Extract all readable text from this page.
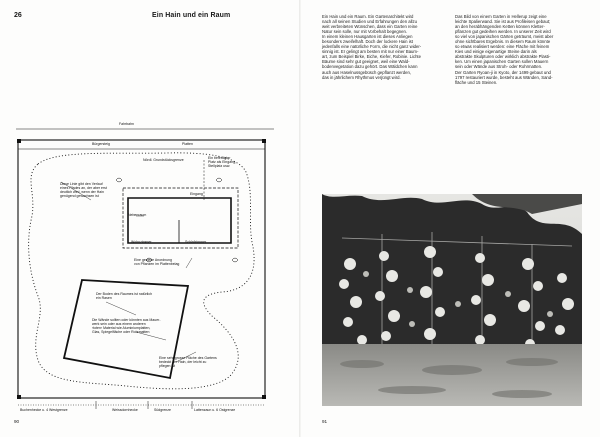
26	Ein Hain und ein Raum
Fahrbahn
Bürgersteig	Platten
Nördl. Grundstücksgrenze	Ein befestigter
Platz als Eingang,
Stellplatz usw.
Eingang
Diese Linie gibt den Verlauf
eines Pfades an, der aber erst
deutlich wird, wenn der Hain
genügend gewachsen ist
Nebenraum
Wohnzimmer	Schlafzimmer
Eine gezielte Anordnung
von Pflanzen im Plattenbelag
Der Boden des Raumes ist natürlich
ein Rasen
Die Wände sollten oder könnten aus Mauer-
werk sein oder aus einem anderen
›toten‹ Material wie Aluminiumplatten,
Glas, Spiegelfläche oder Rohrmatten
Eine sehr grosse Fläche des Gartens
bedeckt der Hain, der leicht zu
pflegen ist
Buchenhecke u. 4 Westgrenze	Weissdornhecke	Südgrenze	Lattenzaun u. 6 Ostgrenze
90
Ein Hain und ein Raum. Ein Gartenarchitekt wird
nach all seinen Studien und Erfahrungen den allzu
weit verbreiteten Wünschen, dass ein Garten reine
Natur sein solle, nur mit Vorbehalt begegnen.
In einem kleinen Hausgarten ist dieses Anliegen
besonders zweifelhaft. Doch der lockere Hain ist
jedenfalls eine natürliche Form, die nicht ganz wider-
sinnig ist. Er gelingt am besten mit nur einer Baum-
art, zum Beispiel Birke, Eiche, Kiefer, Robinie. Lichte
Bäume sind sehr gut geeignet, weil eine Wald-
bodenvegetation dazu gehört. Das Wäldchen kann
auch aus Haselnussgebüsch gepflanzt werden,
das in jährlichem Rhythmus verjüngt wird.
Das Bild von einem Garten in Hellerup zeigt eine
leichte Spalierwand. Sie ist aus Profileisen gebaut;
an den herabhängenden Ketten können Kletter-
pflanzen gut gedeihen werden. In unserer Zeit wird
so viel von japanischen Gärten geträumt, meist aber
ohne sichtbares Ergebnis. In diesem Raum könnte
so etwas realisiert werden: eine Fläche mit feinem
Kies und einige eigenartige Steine darin als
abstrakte Skulpturen oder wirklich abstrakte Plasti-
ken. Um einen japanischen Garten sollen Mauern
sein oder Wände aus Stroh- oder Rohrmatten.
Der Garten Ryoan-ji in Kyoto, der 1499 gebaut und
1797 restauriert wurde, besteht aus Wänden, Sand-
fläche und 15 Steinen.
91
